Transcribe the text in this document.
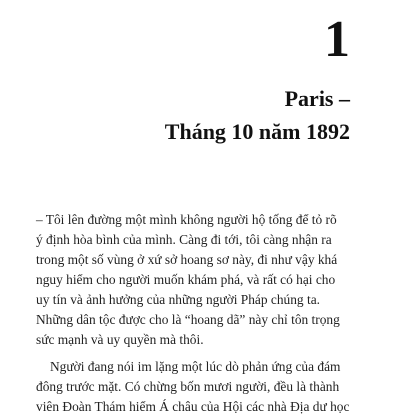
1
Paris –
Tháng 10 năm 1892
– Tôi lên đường một mình không người hộ tống để tỏ rõ
ý định hòa bình của mình. Càng đi tới, tôi càng nhận ra
trong một số vùng ở xứ sở hoang sơ này, đi như vậy khá
nguy hiểm cho người muốn khám phá, và rất có hại cho
uy tín và ảnh hưởng của những người Pháp chúng ta.
Những dân tộc được cho là “hoang dã” này chỉ tôn trọng
sức mạnh và uy quyền mà thôi.
Người đang nói im lặng một lúc dò phản ứng của đám
đông trước mặt. Có chừng bốn mươi người, đều là thành
viên Đoàn Thám hiểm Á châu của Hội các nhà Địa dư học
